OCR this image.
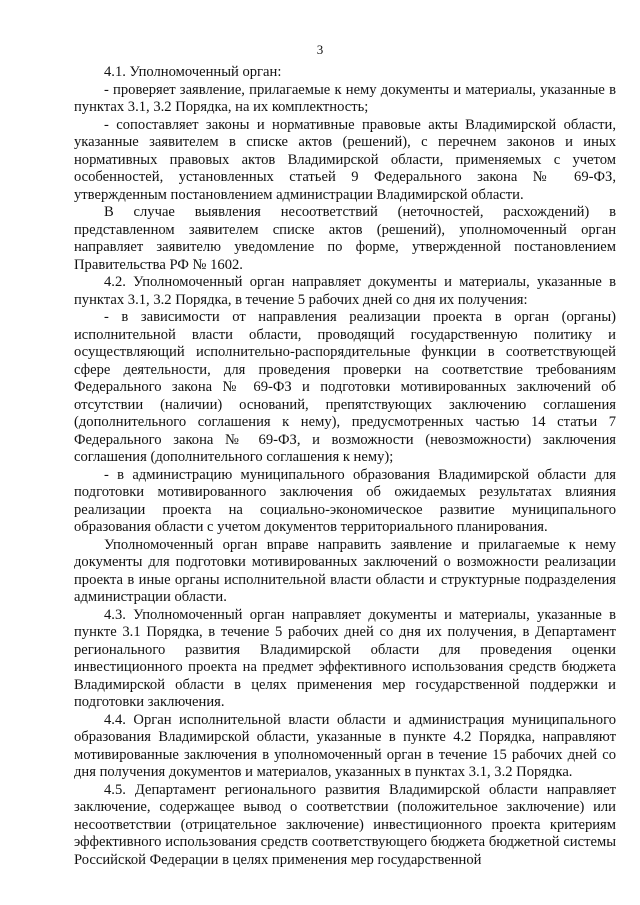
3

4.1. Уполномоченный орган:

- проверяет заявление, прилагаемые к нему документы и материалы, указанные в пунктах 3.1, 3.2 Порядка, на их комплектность;

- сопоставляет законы и нормативные правовые акты Владимирской области, указанные заявителем в списке актов (решений), с перечнем законов и иных нормативных правовых актов Владимирской области, применяемых с учетом особенностей, установленных статьей 9 Федерального закона № 69-ФЗ, утвержденным постановлением администрации Владимирской области.

В случае выявления несоответствий (неточностей, расхождений) в представленном заявителем списке актов (решений), уполномоченный орган направляет заявителю уведомление по форме, утвержденной постановлением Правительства РФ № 1602.

4.2. Уполномоченный орган направляет документы и материалы, указанные в пунктах 3.1, 3.2 Порядка, в течение 5 рабочих дней со дня их получения:

- в зависимости от направления реализации проекта в орган (органы) исполнительной власти области, проводящий государственную политику и осуществляющий исполнительно-распорядительные функции в соответствующей сфере деятельности, для проведения проверки на соответствие требованиям Федерального закона № 69-ФЗ и подготовки мотивированных заключений об отсутствии (наличии) оснований, препятствующих заключению соглашения (дополнительного соглашения к нему), предусмотренных частью 14 статьи 7 Федерального закона № 69-ФЗ, и возможности (невозможности) заключения соглашения (дополнительного соглашения к нему);

- в администрацию муниципального образования Владимирской области для подготовки мотивированного заключения об ожидаемых результатах влияния реализации проекта на социально-экономическое развитие муниципального образования области с учетом документов территориального планирования.

Уполномоченный орган вправе направить заявление и прилагаемые к нему документы для подготовки мотивированных заключений о возможности реализации проекта в иные органы исполнительной власти области и структурные подразделения администрации области.

4.3. Уполномоченный орган направляет документы и материалы, указанные в пункте 3.1 Порядка, в течение 5 рабочих дней со дня их получения, в Департамент регионального развития Владимирской области для проведения оценки инвестиционного проекта на предмет эффективного использования средств бюджета Владимирской области в целях применения мер государственной поддержки и подготовки заключения.

4.4. Орган исполнительной власти области и администрация муниципального образования Владимирской области, указанные в пункте 4.2 Порядка, направляют мотивированные заключения в уполномоченный орган в течение 15 рабочих дней со дня получения документов и материалов, указанных в пунктах 3.1, 3.2 Порядка.

4.5. Департамент регионального развития Владимирской области направляет заключение, содержащее вывод о соответствии (положительное заключение) или несоответствии (отрицательное заключение) инвестиционного проекта критериям эффективного использования средств соответствующего бюджета бюджетной системы Российской Федерации в целях применения мер государственной
